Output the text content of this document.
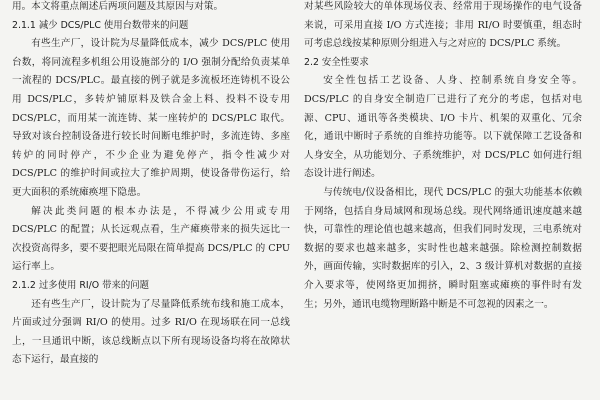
用。本文将重点阐述后两项问题及其原因与对策。

2.1.1 减少 DCS/PLC 使用台数带来的问题

有些生产厂，设计院为尽量降低成本，减少 DCS/PLC 使用台数，将同流程多机组公用设施部分的 I/O 强制分配给负责某单一流程的 DCS/PLC。最直接的例子就是多流板坯连铸机不设公用 DCS/PLC，多转炉铺原料及铁合金上料、投料不设专用 DCS/PLC，而用某一流连铸、某一座转炉的 DCS/PLC 取代。导致对该台控制设备进行较长时间断电维护时，多流连铸、多座转炉的同时停产，不少企业为避免停产，指令性减少对 DCS/PLC 的维护时间或拉大了维护周期，使设备带伤运行，给更大面积的系统瘫痪埋下隐患。

解决此类问题的根本办法是，不得减少公用或专用 DCS/PLC 的配置；从长远观点看，生产瘫痪带来的损失远比一次投资高得多，要不要把眼光局限在简单提高 DCS/PLC 的 CPU 运行率上。

2.1.2 过多使用 RI/O 带来的问题

还有些生产厂，设计院为了尽量降低系统布线和施工成本，片面或过分强调 RI/O 的使用。过多 RI/O 在现场联在同一总线上，一旦通讯中断，该总线断点以下所有现场设备均将在故障状态下运行，最直接的

对某些风险较大的单体现场仪表、经常用于现场操作的电气设备来说，可采用直接 I/O 方式连接；非用 RI/O 时要慎重，组态时可考虑总线按某种原则分组进入与之对应的 DCS/PLC 系统。

2.2 安全性要求

安全性包括工艺设备、人身、控制系统自身安全等。DCS/PLC 的自身安全制造厂已进行了充分的考虑，包括对电源、CPU、通讯等各类模块、I/O 卡片、机架的双重化、冗余化，通讯中断时子系统的自维持功能等。以下就保障工艺设备和人身安全，从功能划分、子系统维护，对 DCS/PLC 如何进行组态设计进行阐述。

与传统电/仪设备相比，现代 DCS/PLC 的强大功能基本依赖于网络，包括自身局域网和现场总线。现代网络通讯速度越来越快，可靠性的理论值也越来越高，但我们同时发现，三电系统对数据的要求也越来越多，实时性也越来越强。除检测控制数据外，画面传输，实时数据库的引入，2、3 级计算机对数据的直接介入要求等，使网络更加拥挤，瞬时阻塞或瘫痪的事件时有发生；另外，通讯电缆物理断路中断是不可忽视的因素之一。
